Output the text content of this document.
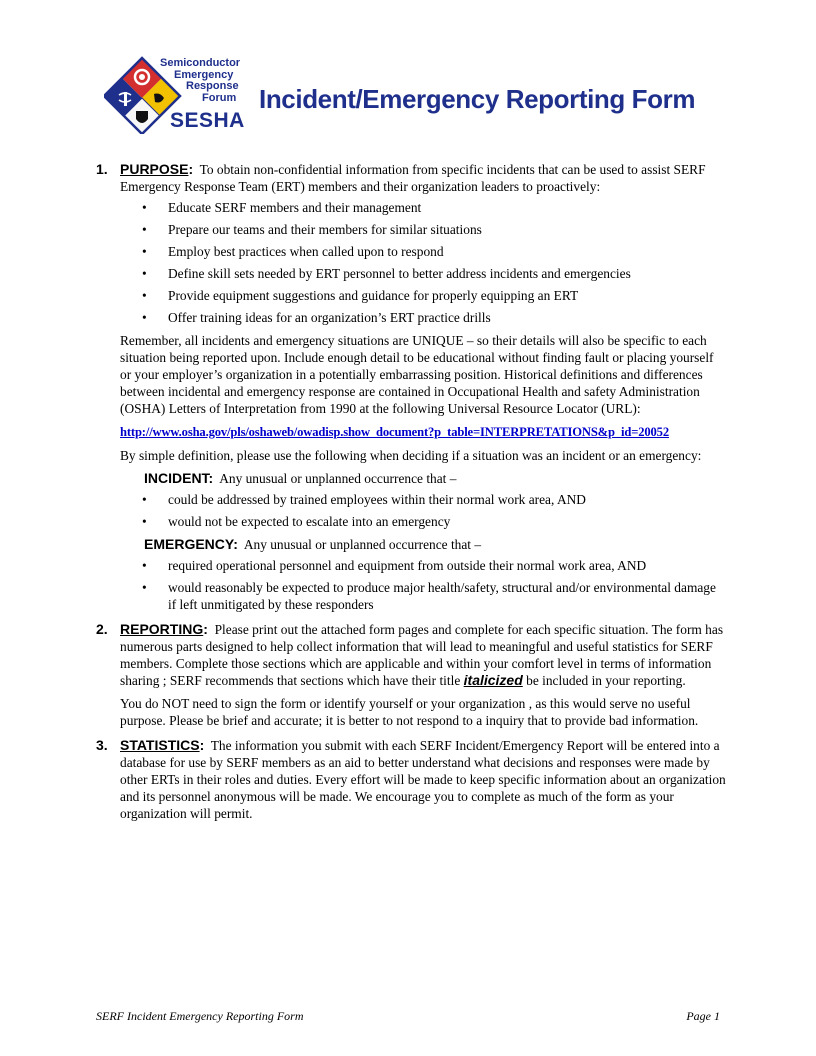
Semiconductor
Emergency
Response
Forum
SESHA
Incident/Emergency Reporting Form
1. PURPOSE: To obtain non-confidential information from specific incidents that can be used to assist SERF Emergency Response Team (ERT) members and their organization leaders to proactively:

• Educate SERF members and their management
• Prepare our teams and their members for similar situations
• Employ best practices when called upon to respond
• Define skill sets needed by ERT personnel to better address incidents and emergencies
• Provide equipment suggestions and guidance for properly equipping an ERT
• Offer training ideas for an organization’s ERT practice drills

Remember, all incidents and emergency situations are UNIQUE – so their details will also be specific to each situation being reported upon. Include enough detail to be educational without finding fault or placing yourself or your employer’s organization in a potentially embarrassing position. Historical definitions and differences between incidental and emergency response are contained in Occupational Health and safety Administration (OSHA) Letters of Interpretation from 1990 at the following Universal Resource Locator (URL):

http://www.osha.gov/pls/oshaweb/owadisp.show_document?p_table=INTERPRETATIONS&p_id=20052

By simple definition, please use the following when deciding if a situation was an incident or an emergency:

INCIDENT: Any unusual or unplanned occurrence that –

• could be addressed by trained employees within their normal work area, AND
• would not be expected to escalate into an emergency

EMERGENCY: Any unusual or unplanned occurrence that –

• required operational personnel and equipment from outside their normal work area, AND
• would reasonably be expected to produce major health/safety, structural and/or environmental damage if left unmitigated by these responders
2. REPORTING: Please print out the attached form pages and complete for each specific situation. The form has numerous parts designed to help collect information that will lead to meaningful and useful statistics for SERF members. Complete those sections which are applicable and within your comfort level in terms of information sharing ; SERF recommends that sections which have their title italicized be included in your reporting.

You do NOT need to sign the form or identify yourself or your organization , as this would serve no useful purpose. Please be brief and accurate; it is better to not respond to a inquiry that to provide bad information.

3. STATISTICS: The information you submit with each SERF Incident/Emergency Report will be entered into a database for use by SERF members as an aid to better understand what decisions and responses were made by other ERTs in their roles and duties. Every effort will be made to keep specific information about an organization and its personnel anonymous will be made. We encourage you to complete as much of the form as your organization will permit.

SERF Incident Emergency Reporting Form	Page 1
